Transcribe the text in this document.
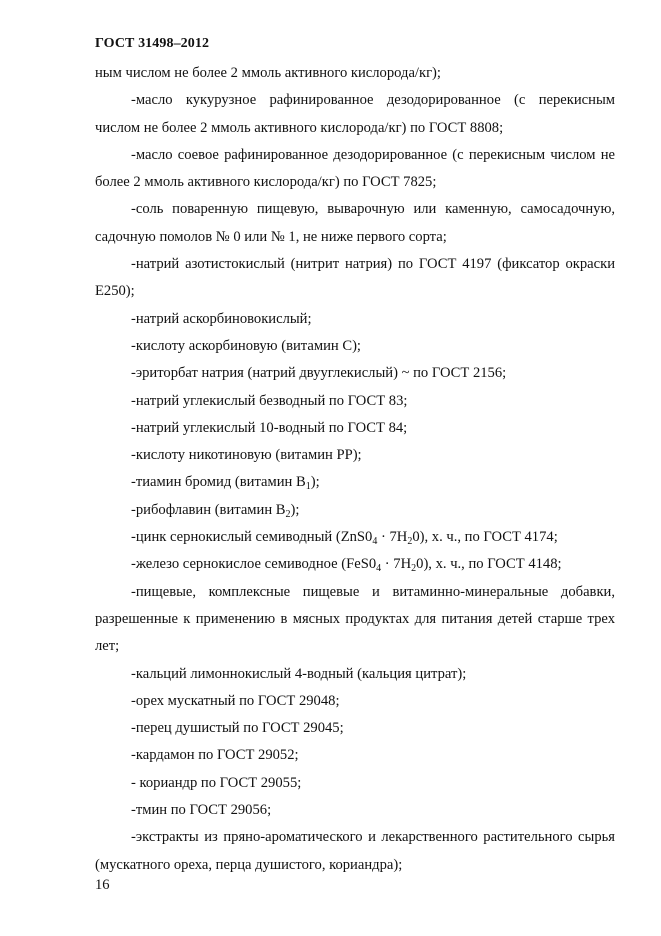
ГОСТ 31498–2012

ным числом не более 2 ммоль активного кислорода/кг);

-масло кукурузное рафинированное дезодорированное (с перекисным числом не более 2 ммоль активного кислорода/кг) по ГОСТ 8808;

-масло соевое рафинированное дезодорированное (с перекисным числом не более 2 ммоль активного кислорода/кг) по ГОСТ 7825;

-соль поваренную пищевую, выварочную или каменную, самосадочную, садочную помолов № 0 или № 1, не ниже первого сорта;

-натрий азотистокислый (нитрит натрия) по ГОСТ 4197 (фиксатор окраски Е250);

-натрий аскорбиновокислый;

-кислоту аскорбиновую (витамин С);

-эриторбат натрия (натрий двууглекислый) ~ по ГОСТ 2156;

-натрий углекислый безводный по ГОСТ 83;

-натрий углекислый 10-водный по ГОСТ 84;

-кислоту никотиновую (витамин РР);

-тиамин бромид (витамин $В_1$);

-рибофлавин (витамин $В_2$);

-цинк сернокислый семиводный $(ZnS0_4 \cdot 7H_20)$, х. ч., по ГОСТ 4174;

-железо сернокислое семиводное $(FeS0_4 \cdot 7H_20)$, х. ч., по ГОСТ 4148;

-пищевые, комплексные пищевые и витаминно-минеральные добавки, разрешенные к применению в мясных продуктах для питания детей старше трех лет;

-кальций лимоннокислый 4-водный (кальция цитрат);

-орех мускатный по ГОСТ 29048;

-перец душистый по ГОСТ 29045;

-кардамон по ГОСТ 29052;

- кориандр по ГОСТ 29055;

-тмин по ГОСТ 29056;

-экстракты из пряно-ароматического и лекарственного растительного сырья (мускатного ореха, перца душистого, кориандра);

16
